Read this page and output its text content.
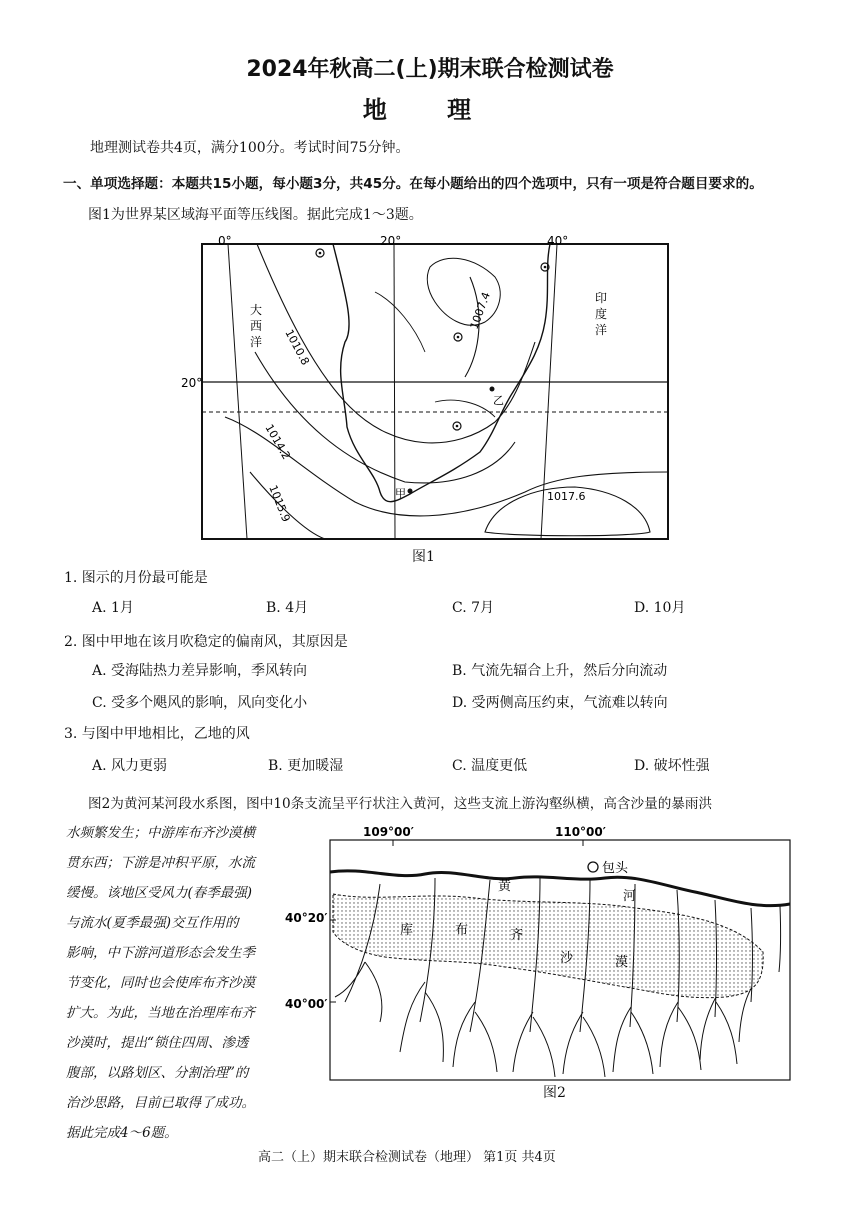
2024年秋高二(上)期末联合检测试卷
地 理
地理测试卷共4页，满分100分。考试时间75分钟。
一、单项选择题：本题共15小题，每小题3分，共45分。在每小题给出的四个选项中，只有一项是符合题目要求的。
图1为世界某区域海平面等压线图。据此完成1～3题。
0°	20°	40°
20°
大
西
洋
印
度
洋
1007.4
1010.8
1014.2
1015.9	1017.6
甲
乙
图1
1. 图示的月份最可能是
A. 1月	B. 4月	C. 7月	D. 10月
2. 图中甲地在该月吹稳定的偏南风，其原因是
A. 受海陆热力差异影响，季风转向	B. 气流先辐合上升，然后分向流动
C. 受多个飓风的影响，风向变化小	D. 受两侧高压约束，气流难以转向
3. 与图中甲地相比，乙地的风
A. 风力更弱	B. 更加暖湿	C. 温度更低	D. 破坏性强
图2为黄河某河段水系图，图中10条支流呈平行状注入黄河，这些支流上游沟壑纵横，高含沙量的暴雨洪
水频繁发生；中游库布齐沙漠横
贯东西；下游是冲积平原，水流
缓慢。该地区受风力(春季最强)
与流水(夏季最强)交互作用的
影响，中下游河道形态会发生季
节变化，同时也会使库布齐沙漠
扩大。为此，当地在治理库布齐
沙漠时，提出“锁住四周、渗透
腹部，以路划区、分割治理”的
治沙思路，目前已取得了成功。
据此完成4～6题。
109°00′	110°00′
40°20′
40°00′
包头
黄
河
库	布	齐
沙	漠
图2
高二（上）期末联合检测试卷（地理） 第1页 共4页
